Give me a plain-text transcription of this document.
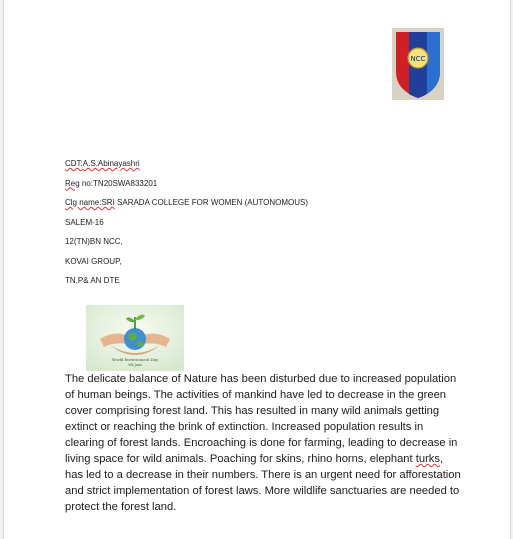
NCC
CDT:A.S.Abinayashri
Reg no:TN20SWA833201
Clg name:SRI SARADA COLLEGE FOR WOMEN (AUTONOMOUS)
SALEM-16
12(TN)BN NCC,
KOVAI GROUP,
TN,P& AN DTE
World Environment Day
5th June
The delicate balance of Nature has been disturbed due to increased population of human beings. The activities of mankind have led to decrease in the green cover comprising forest land. This has resulted in many wild animals getting extinct or reaching the brink of extinction. Increased population results in clearing of forest lands. Encroaching is done for farming, leading to decrease in living space for wild animals. Poaching for skins, rhino horns, elephant turks, has led to a decrease in their numbers. There is an urgent need for afforestation and strict implementation of forest laws. More wildlife sanctuaries are needed to protect the forest land.
